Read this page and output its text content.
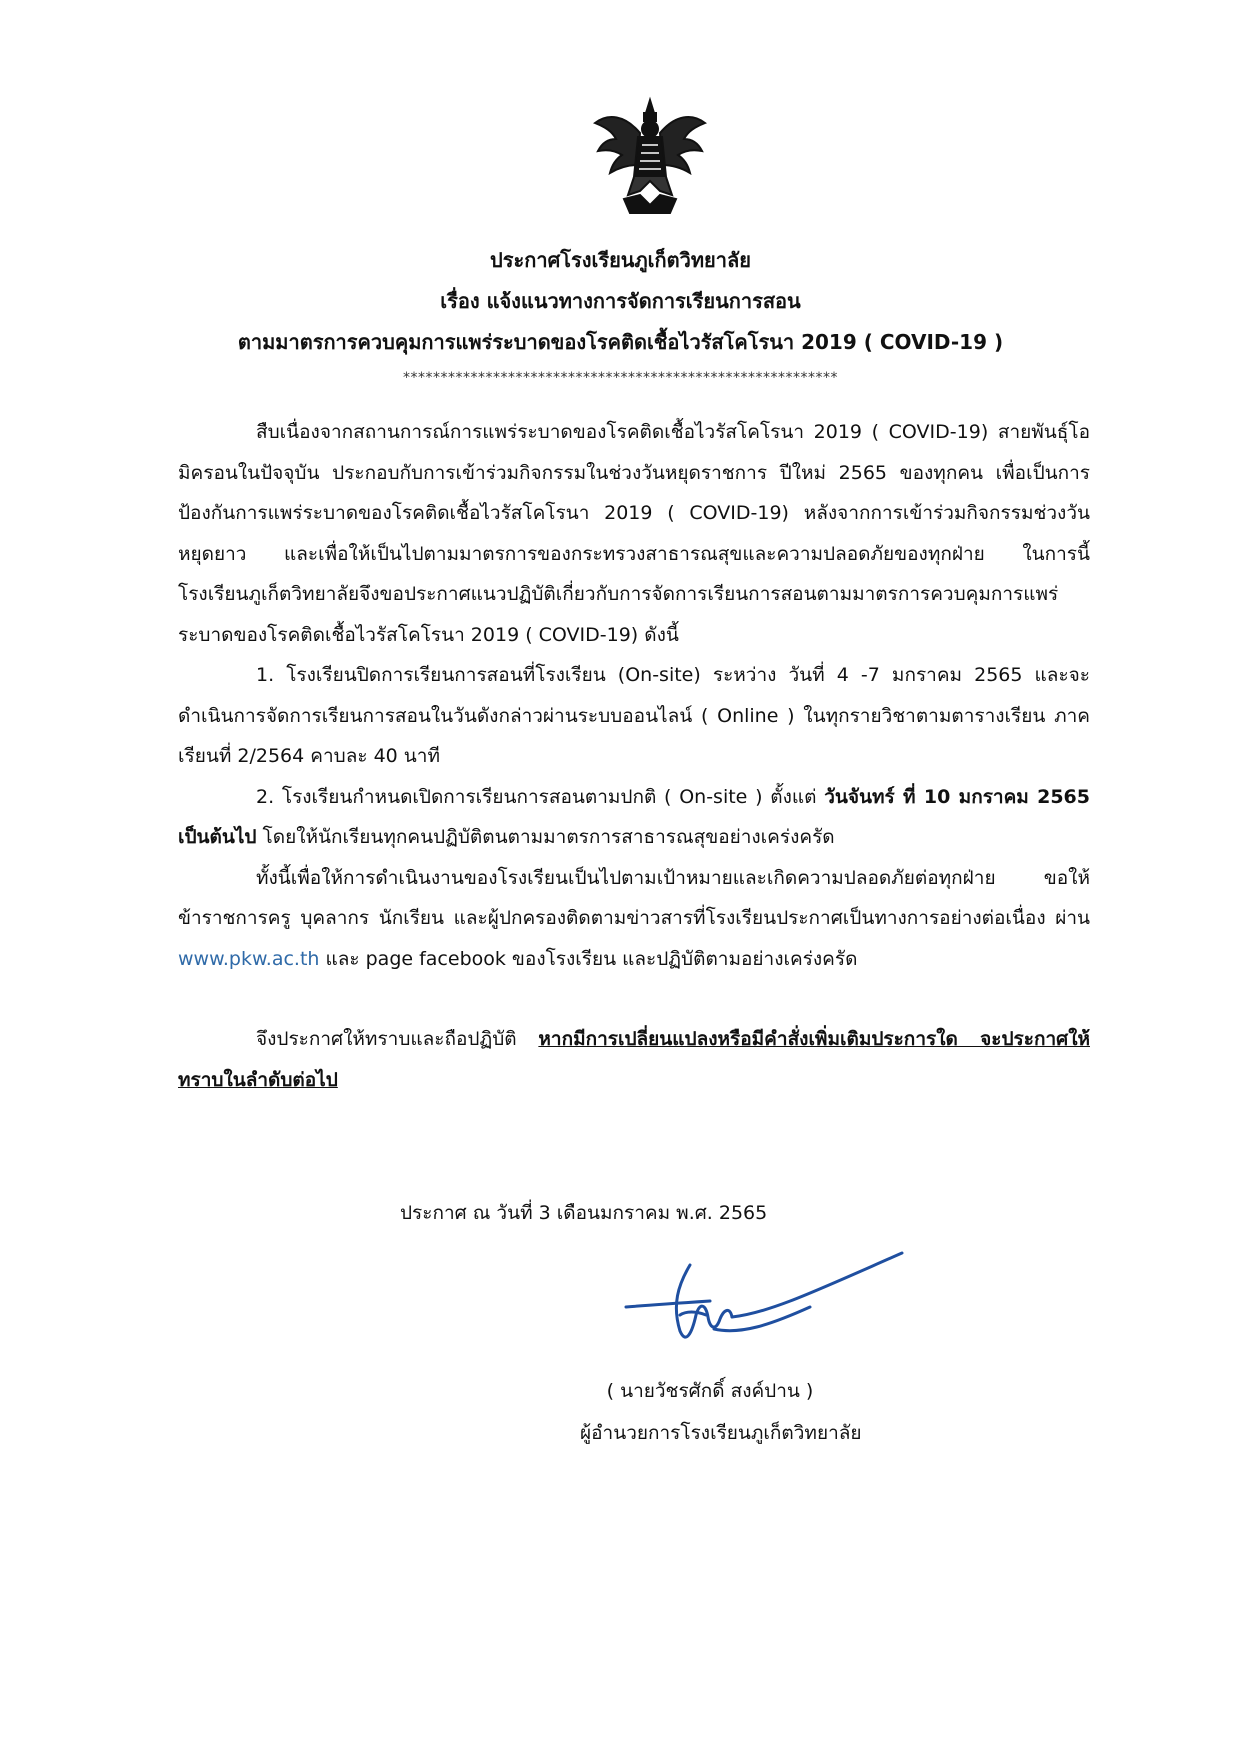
ประกาศโรงเรียนภูเก็ตวิทยาลัย
เรื่อง แจ้งแนวทางการจัดการเรียนการสอน
ตามมาตรการควบคุมการแพร่ระบาดของโรคติดเชื้อไวรัสโคโรนา 2019 ( COVID-19 )
**********************************************************

สืบเนื่องจากสถานการณ์การแพร่ระบาดของโรคติดเชื้อไวรัสโคโรนา 2019 ( COVID-19) สายพันธุ์โอมิครอนในปัจจุบัน ประกอบกับการเข้าร่วมกิจกรรมในช่วงวันหยุดราชการ ปีใหม่ 2565 ของทุกคน เพื่อเป็นการป้องกันการแพร่ระบาดของโรคติดเชื้อไวรัสโคโรนา 2019 ( COVID-19) หลังจากการเข้าร่วมกิจกรรมช่วงวันหยุดยาว และเพื่อให้เป็นไปตามมาตรการของกระทรวงสาธารณสุขและความปลอดภัยของทุกฝ่าย ในการนี้โรงเรียนภูเก็ตวิทยาลัยจึงขอประกาศแนวปฏิบัติเกี่ยวกับการจัดการเรียนการสอนตามมาตรการควบคุมการแพร่ระบาดของโรคติดเชื้อไวรัสโคโรนา 2019 ( COVID-19) ดังนี้

1. โรงเรียนปิดการเรียนการสอนที่โรงเรียน (On-site) ระหว่าง วันที่ 4 -7 มกราคม 2565 และจะดำเนินการจัดการเรียนการสอนในวันดังกล่าวผ่านระบบออนไลน์ ( Online ) ในทุกรายวิชาตามตารางเรียน ภาคเรียนที่ 2/2564 คาบละ 40 นาที

2. โรงเรียนกำหนดเปิดการเรียนการสอนตามปกติ ( On-site ) ตั้งแต่ วันจันทร์ ที่ 10 มกราคม 2565 เป็นต้นไป โดยให้นักเรียนทุกคนปฏิบัติตนตามมาตรการสาธารณสุขอย่างเคร่งครัด

ทั้งนี้เพื่อให้การดำเนินงานของโรงเรียนเป็นไปตามเป้าหมายและเกิดความปลอดภัยต่อทุกฝ่าย ขอให้ข้าราชการครู บุคลากร นักเรียน และผู้ปกครองติดตามข่าวสารที่โรงเรียนประกาศเป็นทางการอย่างต่อเนื่อง ผ่าน www.pkw.ac.th และ page facebook ของโรงเรียน และปฏิบัติตามอย่างเคร่งครัด

จึงประกาศให้ทราบและถือปฏิบัติ หากมีการเปลี่ยนแปลงหรือมีคำสั่งเพิ่มเติมประการใด จะประกาศให้ทราบในลำดับต่อไป

ประกาศ ณ วันที่ 3 เดือนมกราคม พ.ศ. 2565
( นายวัชรศักดิ์ สงค์ปาน )
ผู้อำนวยการโรงเรียนภูเก็ตวิทยาลัย
